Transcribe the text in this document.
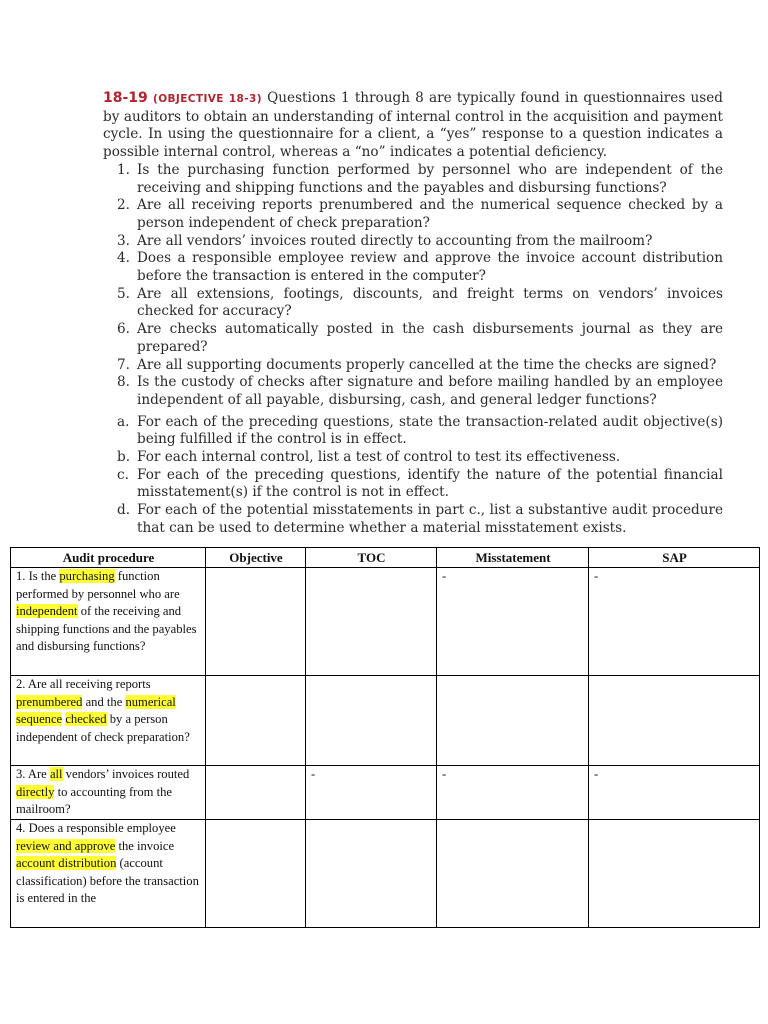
18-19 (OBJECTIVE 18-3) Questions 1 through 8 are typically found in questionnaires used by auditors to obtain an understanding of internal control in the acquisition and payment cycle. In using the questionnaire for a client, a “yes” response to a question indicates a possible internal control, whereas a “no” indicates a potential deficiency.

1. Is the purchasing function performed by personnel who are independent of the receiving and shipping functions and the payables and disbursing functions?
2. Are all receiving reports prenumbered and the numerical sequence checked by a person independent of check preparation?
3. Are all vendors’ invoices routed directly to accounting from the mailroom?
4. Does a responsible employee review and approve the invoice account distribution before the transaction is entered in the computer?
5. Are all extensions, footings, discounts, and freight terms on vendors’ invoices checked for accuracy?
6. Are checks automatically posted in the cash disbursements journal as they are prepared?
7. Are all supporting documents properly cancelled at the time the checks are signed?
8. Is the custody of checks after signature and before mailing handled by an employee independent of all payable, disbursing, cash, and general ledger functions?
a. For each of the preceding questions, state the transaction-related audit objective(s) being fulfilled if the control is in effect.
b. For each internal control, list a test of control to test its effectiveness.
c. For each of the preceding questions, identify the nature of the potential financial misstatement(s) if the control is not in effect.
d. For each of the potential misstatements in part c., list a substantive audit procedure that can be used to determine whether a material misstatement exists.
Audit procedure	Objective	TOC	Misstatement	SAP
1. Is the purchasing function performed by personnel who are independent of the receiving and shipping functions and the payables and disbursing functions?			-	-
2. Are all receiving reports prenumbered and the numerical sequence checked by a person independent of check preparation?				
3. Are all vendors’ invoices routed directly to accounting from the mailroom?		-	-	-
4. Does a responsible employee review and approve the invoice account distribution (account classification) before the transaction is entered in the				
